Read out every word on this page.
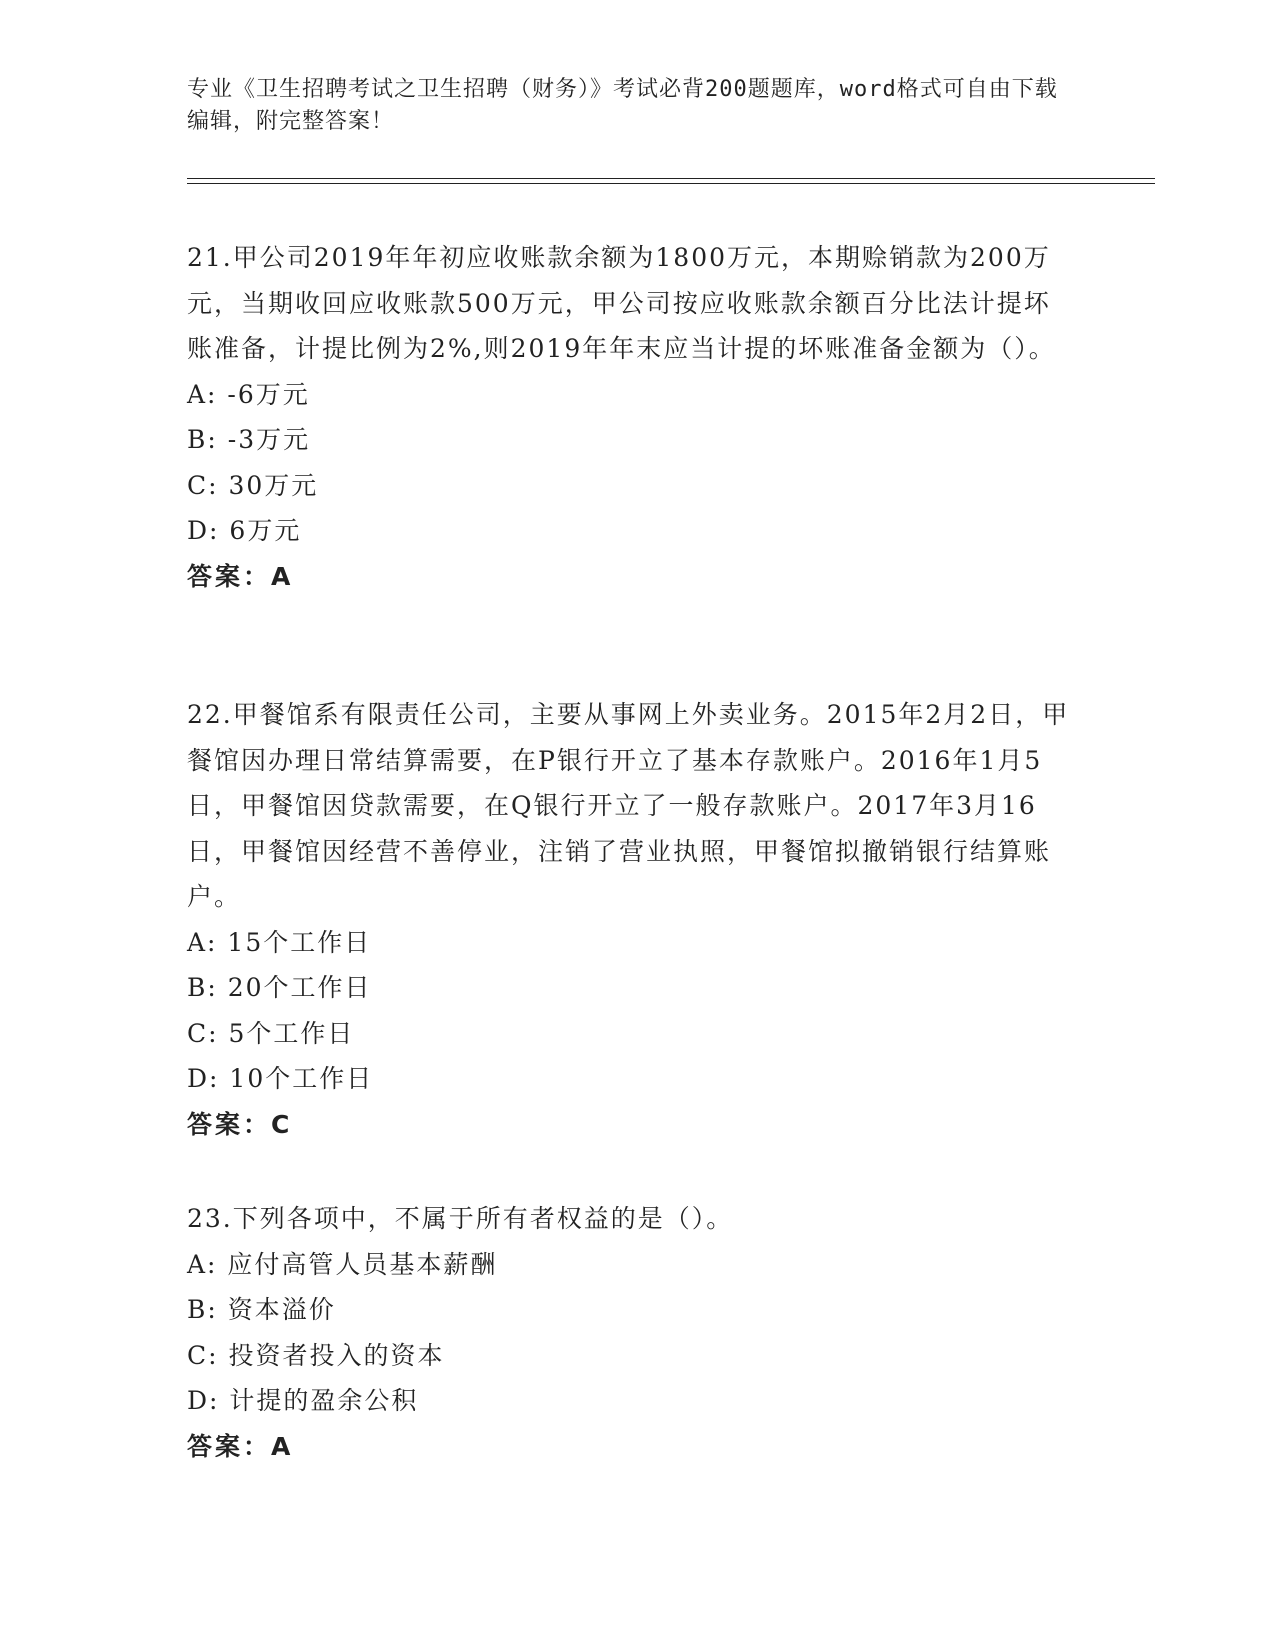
专业《卫生招聘考试之卫生招聘（财务）》考试必背200题题库，word格式可自由下载编辑，附完整答案！

21.甲公司2019年年初应收账款余额为1800万元，本期赊销款为200万元，当期收回应收账款500万元，甲公司按应收账款余额百分比法计提坏账准备，计提比例为2%,则2019年年末应当计提的坏账准备金额为（）。

A: -6万元

B: -3万元

C: 30万元

D: 6万元

答案：A

22.甲餐馆系有限责任公司，主要从事网上外卖业务。2015年2月2日，甲餐馆因办理日常结算需要，在P银行开立了基本存款账户。2016年1月5日，甲餐馆因贷款需要，在Q银行开立了一般存款账户。2017年3月16日，甲餐馆因经营不善停业，注销了营业执照，甲餐馆拟撤销银行结算账户。

A: 15个工作日

B: 20个工作日

C: 5个工作日

D: 10个工作日

答案：C

23.下列各项中，不属于所有者权益的是（）。

A: 应付高管人员基本薪酬

B: 资本溢价

C: 投资者投入的资本

D: 计提的盈余公积

答案：A
